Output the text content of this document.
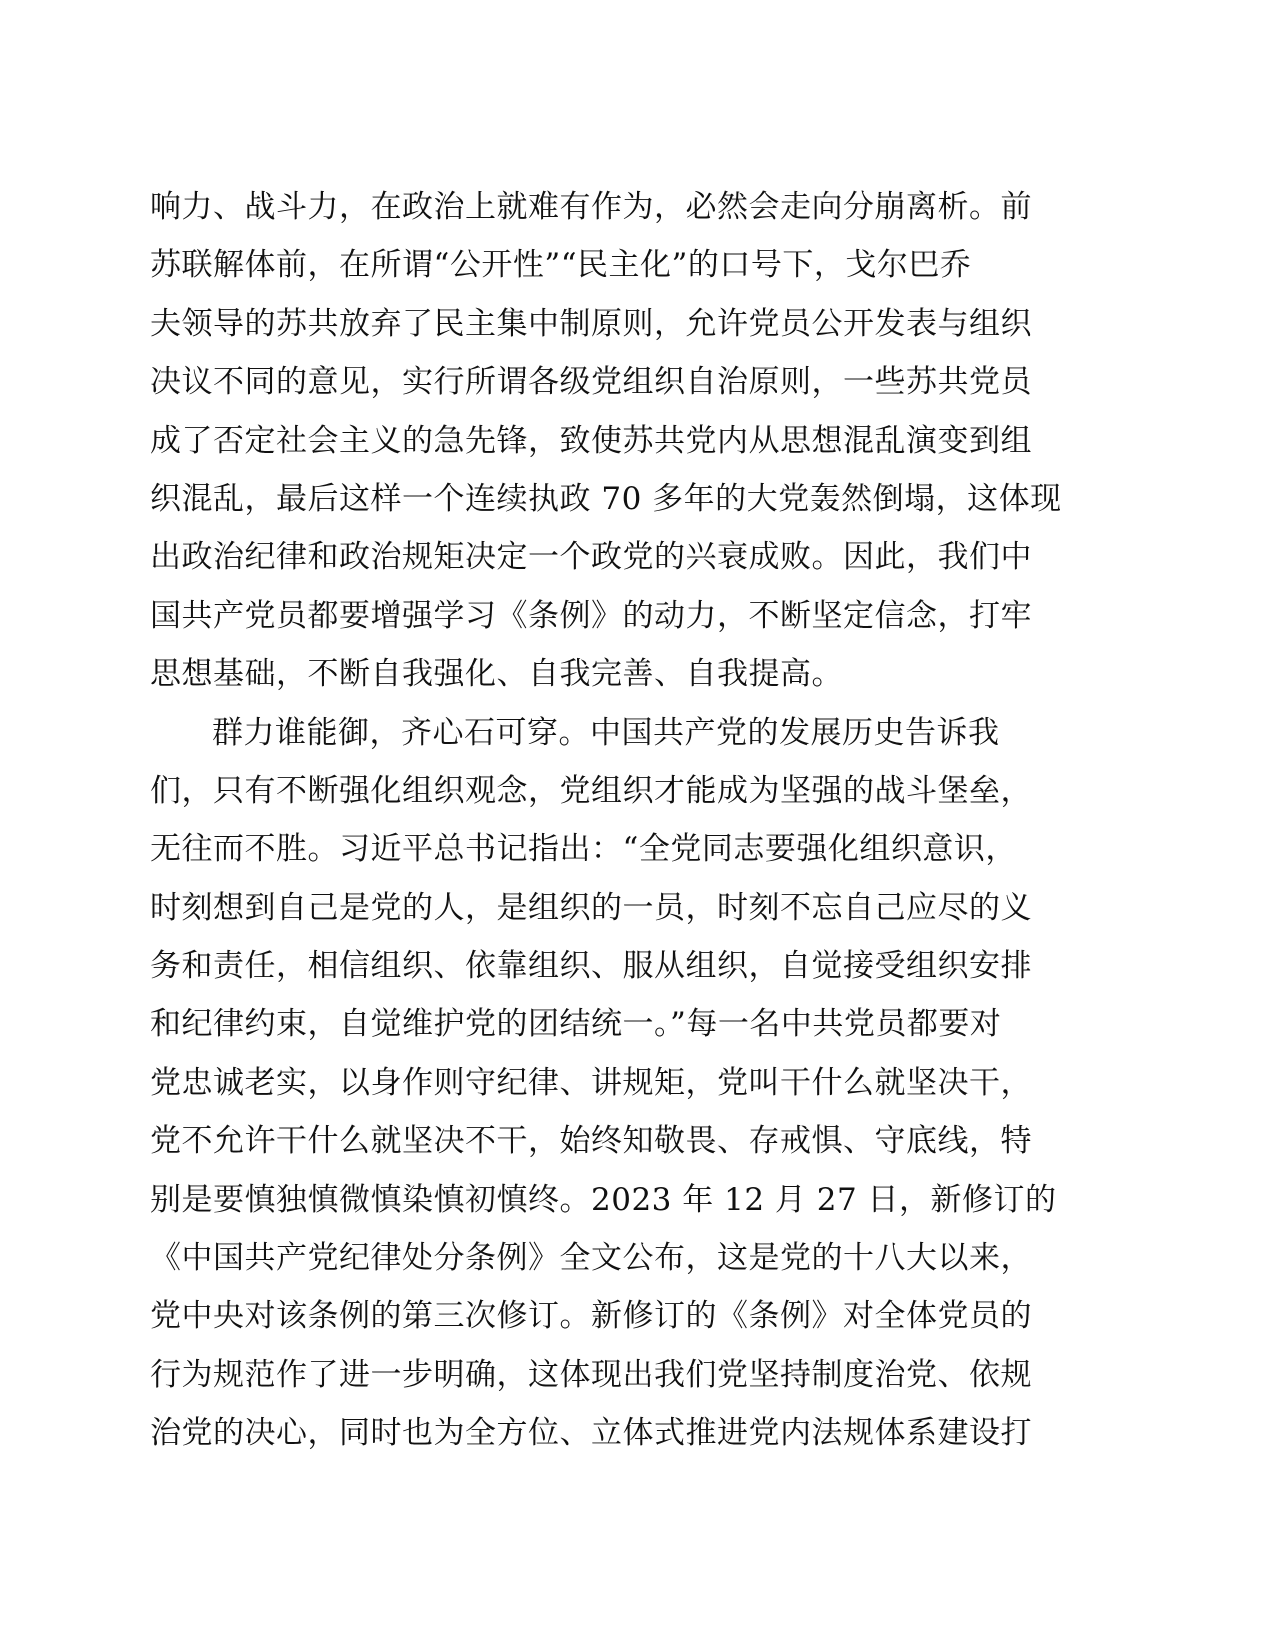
响力、战斗力，在政治上就难有作为，必然会走向分崩离析。前
苏联解体前，在所谓“公开性”“民主化”的口号下，戈尔巴乔
夫领导的苏共放弃了民主集中制原则，允许党员公开发表与组织
决议不同的意见，实行所谓各级党组织自治原则，一些苏共党员
成了否定社会主义的急先锋，致使苏共党内从思想混乱演变到组
织混乱，最后这样一个连续执政 70 多年的大党轰然倒塌，这体现
出政治纪律和政治规矩决定一个政党的兴衰成败。因此，我们中
国共产党员都要增强学习《条例》的动力，不断坚定信念，打牢
思想基础，不断自我强化、自我完善、自我提高。
群力谁能御，齐心石可穿。中国共产党的发展历史告诉我
们，只有不断强化组织观念，党组织才能成为坚强的战斗堡垒，
无往而不胜。习近平总书记指出：“全党同志要强化组织意识，
时刻想到自己是党的人，是组织的一员，时刻不忘自己应尽的义
务和责任，相信组织、依靠组织、服从组织，自觉接受组织安排
和纪律约束，自觉维护党的团结统一。”每一名中共党员都要对
党忠诚老实，以身作则守纪律、讲规矩，党叫干什么就坚决干，
党不允许干什么就坚决不干，始终知敬畏、存戒惧、守底线，特
别是要慎独慎微慎染慎初慎终。2023 年 12 月 27 日，新修订的
《中国共产党纪律处分条例》全文公布，这是党的十八大以来，
党中央对该条例的第三次修订。新修订的《条例》对全体党员的
行为规范作了进一步明确，这体现出我们党坚持制度治党、依规
治党的决心，同时也为全方位、立体式推进党内法规体系建设打
